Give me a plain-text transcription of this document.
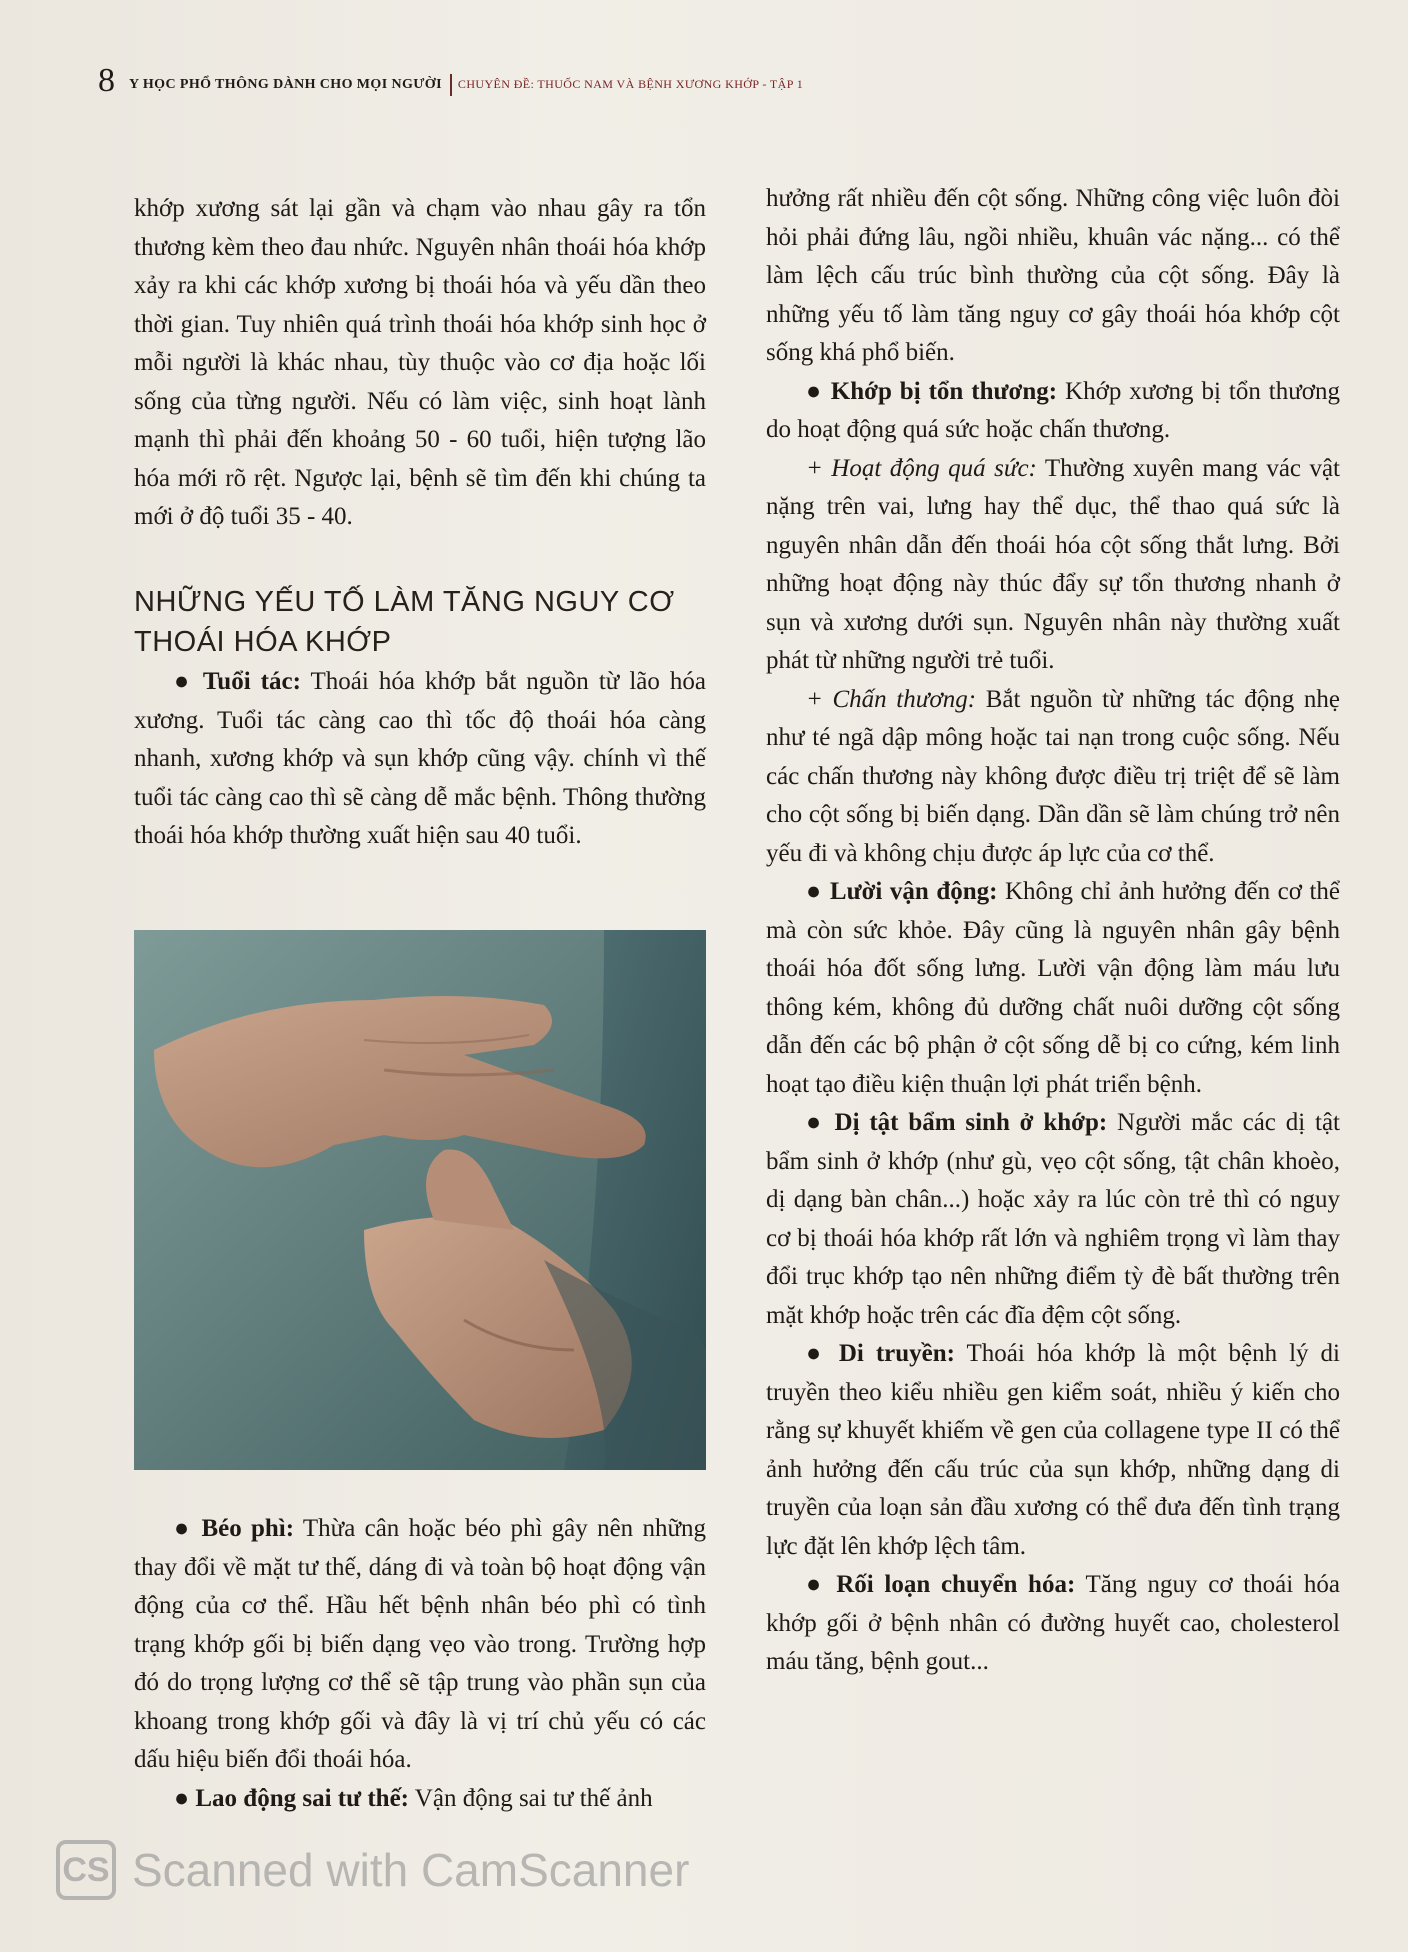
8 Y HỌC PHỔ THÔNG DÀNH CHO MỌI NGƯỜI CHUYÊN ĐỀ: THUỐC NAM VÀ BỆNH XƯƠNG KHỚP - TẬP 1

khớp xương sát lại gần và chạm vào nhau gây ra tổn thương kèm theo đau nhức. Nguyên nhân thoái hóa khớp xảy ra khi các khớp xương bị thoái hóa và yếu dần theo thời gian. Tuy nhiên quá trình thoái hóa khớp sinh học ở mỗi người là khác nhau, tùy thuộc vào cơ địa hoặc lối sống của từng người. Nếu có làm việc, sinh hoạt lành mạnh thì phải đến khoảng 50 - 60 tuổi, hiện tượng lão hóa mới rõ rệt. Ngược lại, bệnh sẽ tìm đến khi chúng ta mới ở độ tuổi 35 - 40.

NHỮNG YẾU TỐ LÀM TĂNG NGUY CƠ THOÁI HÓA KHỚP

● Tuổi tác: Thoái hóa khớp bắt nguồn từ lão hóa xương. Tuổi tác càng cao thì tốc độ thoái hóa càng nhanh, xương khớp và sụn khớp cũng vậy. chính vì thế tuổi tác càng cao thì sẽ càng dễ mắc bệnh. Thông thường thoái hóa khớp thường xuất hiện sau 40 tuổi.

● Béo phì: Thừa cân hoặc béo phì gây nên những thay đổi về mặt tư thế, dáng đi và toàn bộ hoạt động vận động của cơ thể. Hầu hết bệnh nhân béo phì có tình trạng khớp gối bị biến dạng vẹo vào trong. Trường hợp đó do trọng lượng cơ thể sẽ tập trung vào phần sụn của khoang trong khớp gối và đây là vị trí chủ yếu có các dấu hiệu biến đổi thoái hóa.

● Lao động sai tư thế: Vận động sai tư thế ảnh

hưởng rất nhiều đến cột sống. Những công việc luôn đòi hỏi phải đứng lâu, ngồi nhiều, khuân vác nặng... có thể làm lệch cấu trúc bình thường của cột sống. Đây là những yếu tố làm tăng nguy cơ gây thoái hóa khớp cột sống khá phổ biến.

● Khớp bị tổn thương: Khớp xương bị tổn thương do hoạt động quá sức hoặc chấn thương.

+ Hoạt động quá sức: Thường xuyên mang vác vật nặng trên vai, lưng hay thể dục, thể thao quá sức là nguyên nhân dẫn đến thoái hóa cột sống thắt lưng. Bởi những hoạt động này thúc đẩy sự tổn thương nhanh ở sụn và xương dưới sụn. Nguyên nhân này thường xuất phát từ những người trẻ tuổi.

+ Chấn thương: Bắt nguồn từ những tác động nhẹ như té ngã dập mông hoặc tai nạn trong cuộc sống. Nếu các chấn thương này không được điều trị triệt để sẽ làm cho cột sống bị biến dạng. Dần dần sẽ làm chúng trở nên yếu đi và không chịu được áp lực của cơ thể.

● Lười vận động: Không chỉ ảnh hưởng đến cơ thể mà còn sức khỏe. Đây cũng là nguyên nhân gây bệnh thoái hóa đốt sống lưng. Lười vận động làm máu lưu thông kém, không đủ dưỡng chất nuôi dưỡng cột sống dẫn đến các bộ phận ở cột sống dễ bị co cứng, kém linh hoạt tạo điều kiện thuận lợi phát triển bệnh.

● Dị tật bẩm sinh ở khớp: Người mắc các dị tật bẩm sinh ở khớp (như gù, vẹo cột sống, tật chân khoèo, dị dạng bàn chân...) hoặc xảy ra lúc còn trẻ thì có nguy cơ bị thoái hóa khớp rất lớn và nghiêm trọng vì làm thay đổi trục khớp tạo nên những điểm tỳ đè bất thường trên mặt khớp hoặc trên các đĩa đệm cột sống.

● Di truyền: Thoái hóa khớp là một bệnh lý di truyền theo kiểu nhiều gen kiểm soát, nhiều ý kiến cho rằng sự khuyết khiếm về gen của collagene type II có thể ảnh hưởng đến cấu trúc của sụn khớp, những dạng di truyền của loạn sản đầu xương có thể đưa đến tình trạng lực đặt lên khớp lệch tâm.

● Rối loạn chuyển hóa: Tăng nguy cơ thoái hóa khớp gối ở bệnh nhân có đường huyết cao, cholesterol máu tăng, bệnh gout...

CS Scanned with CamScanner
